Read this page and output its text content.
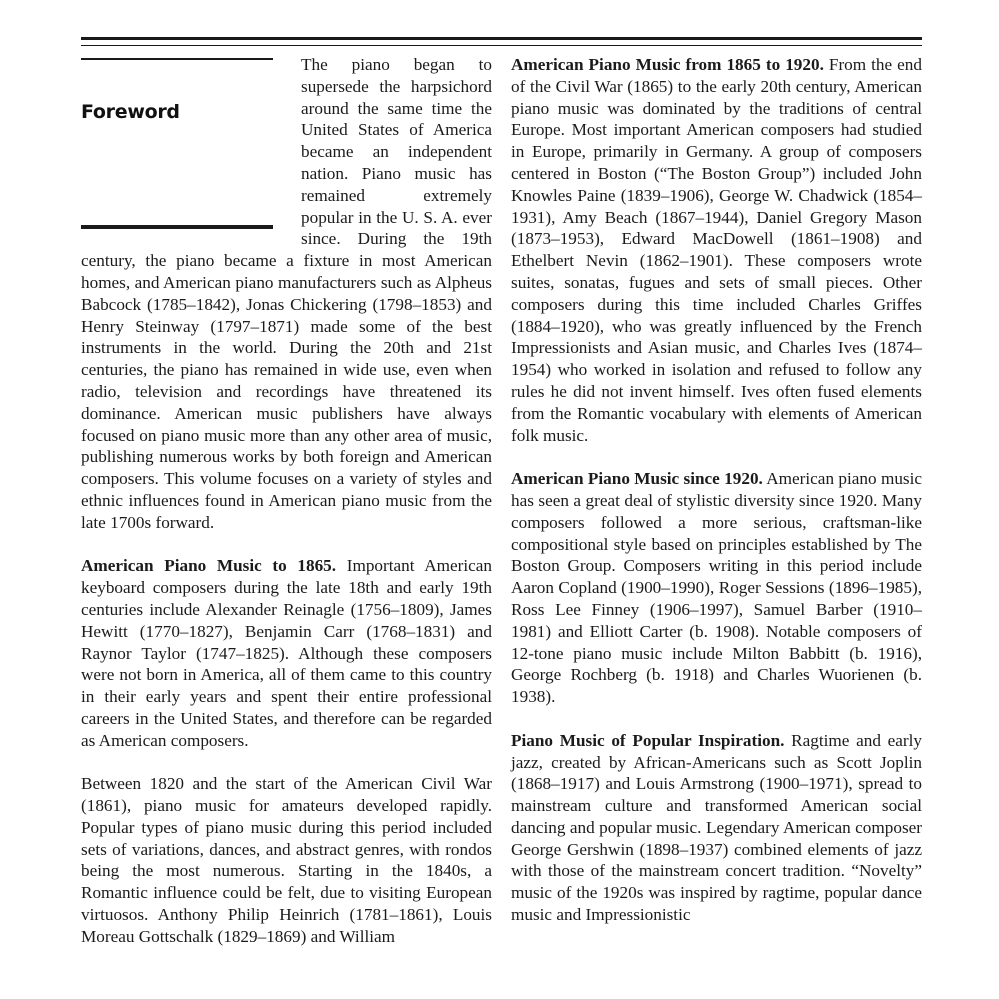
Foreword

The piano began to supersede the harpsichord around the same time the United States of America became an independent nation. Piano music has remained extremely popular in the U. S. A. ever since. During the 19th century, the piano became a fixture in most American homes, and American piano manufacturers such as Alpheus Babcock (1785–1842), Jonas Chickering (1798–1853) and Henry Steinway (1797–1871) made some of the best instruments in the world. During the 20th and 21st centuries, the piano has remained in wide use, even when radio, television and recordings have threatened its dominance. American music publishers have always focused on piano music more than any other area of music, publishing numerous works by both foreign and American composers. This volume focuses on a variety of styles and ethnic influences found in American piano music from the late 1700s forward.

American Piano Music to 1865. Important American keyboard composers during the late 18th and early 19th centuries include Alexander Reinagle (1756–1809), James Hewitt (1770–1827), Benjamin Carr (1768–1831) and Raynor Taylor (1747–1825). Although these composers were not born in America, all of them came to this country in their early years and spent their entire professional careers in the United States, and therefore can be regarded as American composers.

Between 1820 and the start of the American Civil War (1861), piano music for amateurs developed rapidly. Popular types of piano music during this period included sets of variations, dances, and abstract genres, with rondos being the most numerous. Starting in the 1840s, a Romantic influence could be felt, due to visiting European virtuosos. Anthony Philip Heinrich (1781–1861), Louis Moreau Gottschalk (1829–1869) and William

American Piano Music from 1865 to 1920. From the end of the Civil War (1865) to the early 20th century, American piano music was dominated by the traditions of central Europe. Most important American composers had studied in Europe, primarily in Germany. A group of composers centered in Boston (“The Boston Group”) included John Knowles Paine (1839–1906), George W. Chadwick (1854–1931), Amy Beach (1867–1944), Daniel Gregory Mason (1873–1953), Edward MacDowell (1861–1908) and Ethelbert Nevin (1862–1901). These composers wrote suites, sonatas, fugues and sets of small pieces. Other composers during this time included Charles Griffes (1884–1920), who was greatly influenced by the French Impressionists and Asian music, and Charles Ives (1874–1954) who worked in isolation and refused to follow any rules he did not invent himself. Ives often fused elements from the Romantic vocabulary with elements of American folk music.

American Piano Music since 1920. American piano music has seen a great deal of stylistic diversity since 1920. Many composers followed a more serious, craftsman-like compositional style based on principles established by The Boston Group. Composers writing in this period include Aaron Copland (1900–1990), Roger Sessions (1896–1985), Ross Lee Finney (1906–1997), Samuel Barber (1910–1981) and Elliott Carter (b. 1908). Notable composers of 12-tone piano music include Milton Babbitt (b. 1916), George Rochberg (b. 1918) and Charles Wuorienen (b. 1938).

Piano Music of Popular Inspiration. Ragtime and early jazz, created by African-Americans such as Scott Joplin (1868–1917) and Louis Armstrong (1900–1971), spread to mainstream culture and transformed American social dancing and popular music. Legendary American composer George Gershwin (1898–1937) combined elements of jazz with those of the mainstream concert tradition. “Novelty” music of the 1920s was inspired by ragtime, popular dance music and Impressionistic
